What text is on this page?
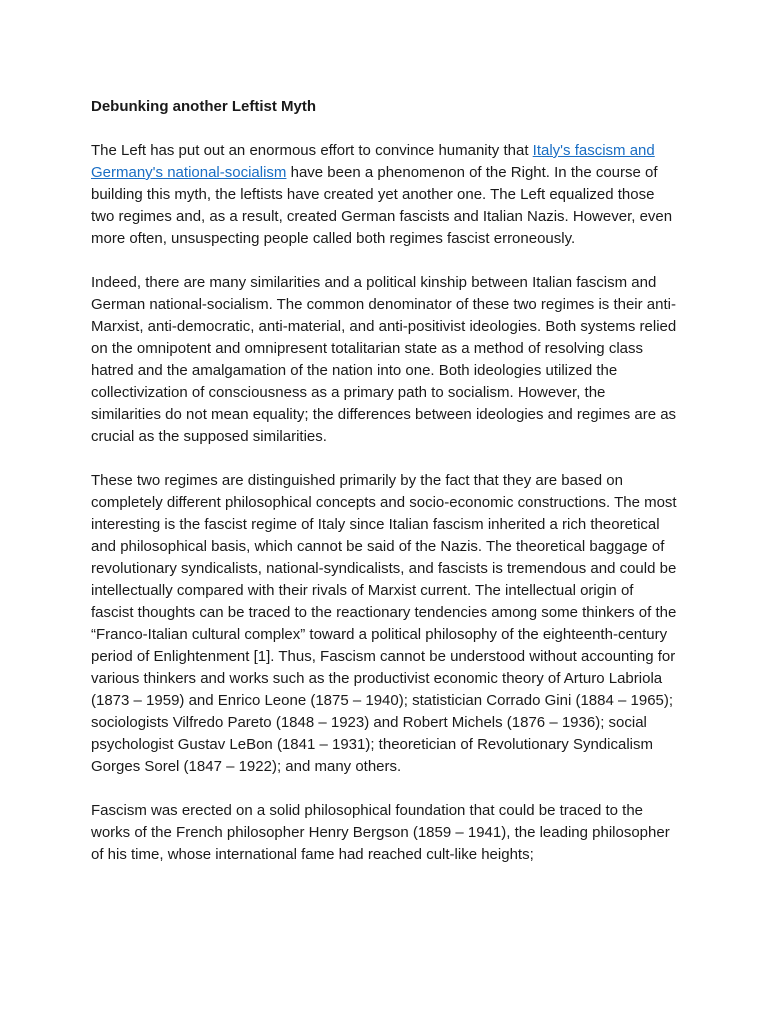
Debunking another Leftist Myth

The Left has put out an enormous effort to convince humanity that Italy's fascism and Germany's national-socialism have been a phenomenon of the Right. In the course of building this myth, the leftists have created yet another one. The Left equalized those two regimes and, as a result, created German fascists and Italian Nazis. However, even more often, unsuspecting people called both regimes fascist erroneously.

Indeed, there are many similarities and a political kinship between Italian fascism and German national-socialism. The common denominator of these two regimes is their anti-Marxist, anti-democratic, anti-material, and anti-positivist ideologies. Both systems relied on the omnipotent and omnipresent totalitarian state as a method of resolving class hatred and the amalgamation of the nation into one. Both ideologies utilized the collectivization of consciousness as a primary path to socialism. However, the similarities do not mean equality; the differences between ideologies and regimes are as crucial as the supposed similarities.

These two regimes are distinguished primarily by the fact that they are based on completely different philosophical concepts and socio-economic constructions. The most interesting is the fascist regime of Italy since Italian fascism inherited a rich theoretical and philosophical basis, which cannot be said of the Nazis. The theoretical baggage of revolutionary syndicalists, national-syndicalists, and fascists is tremendous and could be intellectually compared with their rivals of Marxist current. The intellectual origin of fascist thoughts can be traced to the reactionary tendencies among some thinkers of the “Franco-Italian cultural complex” toward a political philosophy of the eighteenth-century period of Enlightenment [1]. Thus, Fascism cannot be understood without accounting for various thinkers and works such as the productivist economic theory of Arturo Labriola (1873 – 1959) and Enrico Leone (1875 – 1940); statistician Corrado Gini (1884 – 1965); sociologists Vilfredo Pareto (1848 – 1923) and Robert Michels (1876 – 1936); social psychologist Gustav LeBon (1841 – 1931); theoretician of Revolutionary Syndicalism Gorges Sorel (1847 – 1922); and many others.

Fascism was erected on a solid philosophical foundation that could be traced to the works of the French philosopher Henry Bergson (1859 – 1941), the leading philosopher of his time, whose international fame had reached cult-like heights;
